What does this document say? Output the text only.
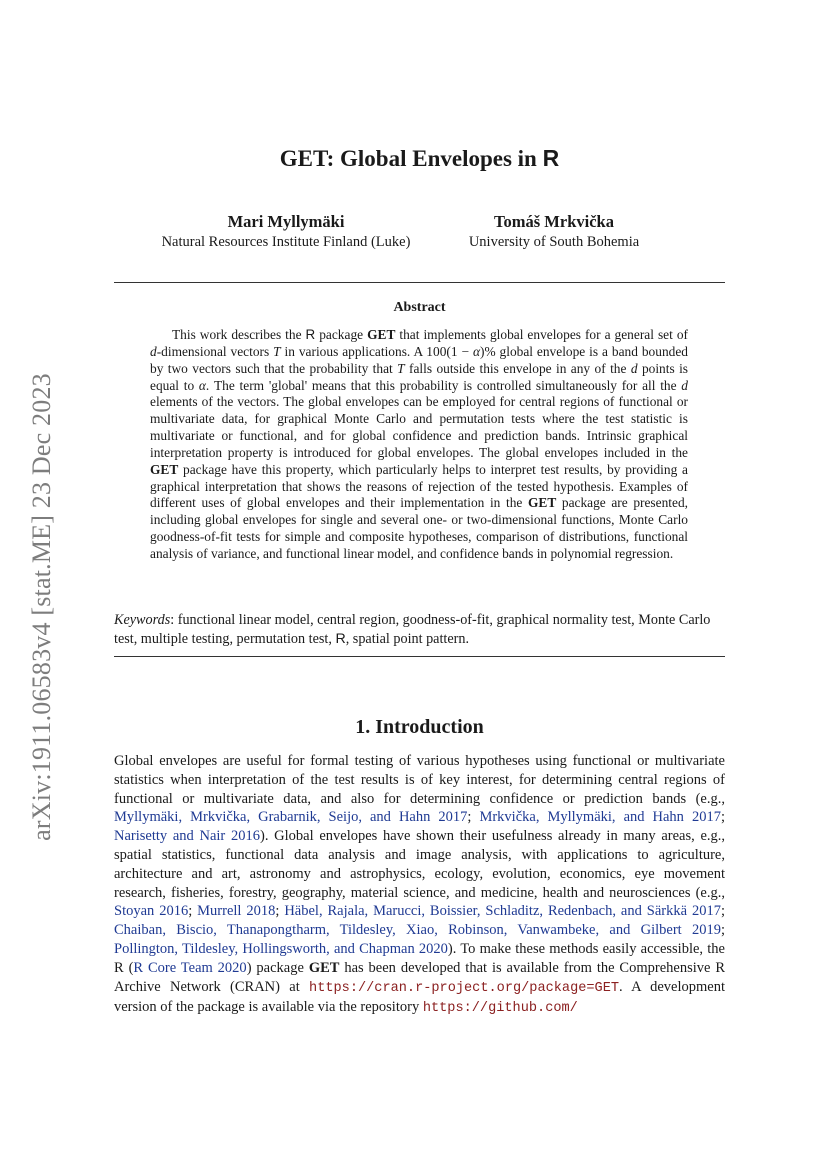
arXiv:1911.06583v4 [stat.ME] 23 Dec 2023
GET: Global Envelopes in R
Mari Myllymäki
Natural Resources Institute Finland (Luke)
Tomáš Mrkvička
University of South Bohemia
Abstract

This work describes the R package GET that implements global envelopes for a general set of d-dimensional vectors T in various applications. A 100(1 − α)% global envelope is a band bounded by two vectors such that the probability that T falls outside this envelope in any of the d points is equal to α. The term 'global' means that this probability is controlled simultaneously for all the d elements of the vectors. The global envelopes can be employed for central regions of functional or multivariate data, for graphical Monte Carlo and permutation tests where the test statistic is multivariate or functional, and for global confidence and prediction bands. Intrinsic graphical interpretation property is introduced for global envelopes. The global envelopes included in the GET package have this property, which particularly helps to interpret test results, by providing a graphical interpretation that shows the reasons of rejection of the tested hypothesis. Examples of different uses of global envelopes and their implementation in the GET package are presented, including global envelopes for single and several one- or two-dimensional functions, Monte Carlo goodness-of-fit tests for simple and composite hypotheses, comparison of distributions, functional analysis of variance, and functional linear model, and confidence bands in polynomial regression.

Keywords: functional linear model, central region, goodness-of-fit, graphical normality test, Monte Carlo test, multiple testing, permutation test, R, spatial point pattern.

1. Introduction

Global envelopes are useful for formal testing of various hypotheses using functional or multivariate statistics when interpretation of the test results is of key interest, for determining central regions of functional or multivariate data, and also for determining confidence or prediction bands (e.g., Myllymäki, Mrkvička, Grabarnik, Seijo, and Hahn 2017; Mrkvička, Myllymäki, and Hahn 2017; Narisetty and Nair 2016). Global envelopes have shown their usefulness already in many areas, e.g., spatial statistics, functional data analysis and image analysis, with applications to agriculture, architecture and art, astronomy and astrophysics, ecology, evolution, economics, eye movement research, fisheries, forestry, geography, material science, and medicine, health and neurosciences (e.g., Stoyan 2016; Murrell 2018; Häbel, Rajala, Marucci, Boissier, Schladitz, Redenbach, and Särkkä 2017; Chaiban, Biscio, Thanapongtharm, Tildesley, Xiao, Robinson, Vanwambeke, and Gilbert 2019; Pollington, Tildesley, Hollingsworth, and Chapman 2020). To make these methods easily accessible, the R (R Core Team 2020) package GET has been developed that is available from the Comprehensive R Archive Network (CRAN) at https://cran.r-project.org/package=GET. A development version of the package is available via the repository https://github.com/
